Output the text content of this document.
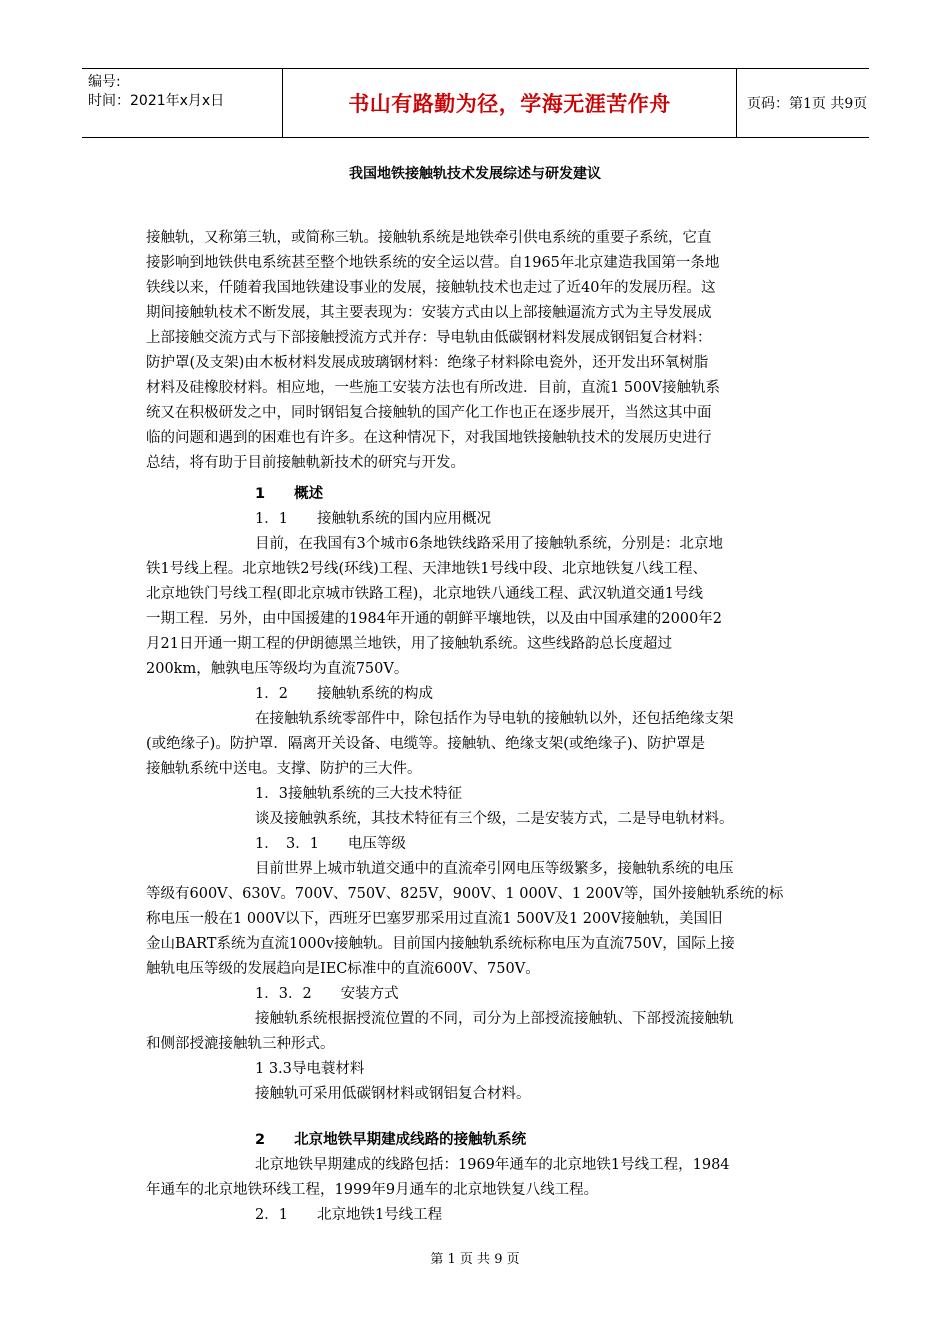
编号:
时间：2021年x月x日	书山有路勤为径，学海无涯苦作舟	页码：第1页 共9页
我国地铁接触轨技术发展综述与研发建议
接触轨，又称第三轨，或简称三轨。接触轨系统是地铁牵引供电系统的重要子系统，它直
接影响到地铁供电系统甚至整个地铁系统的安全运以营。自1965年北京建造我国第一条地
铁线以来，仟随着我国地铁建设事业的发展，接触轨技术也走过了近40年的发展历程。这
期间接触轨枝术不断发展，其主要表现为：安装方式由以上部接触逼流方式为主导发展成
上部接触交流方式与下部接触授流方式并存：导电轨由低碳钢材料发展成钢铝复合材料：
防护罩(及支架)由木板材料发展成玻璃钢材料：绝缘子材料除电瓷外，还开发出环氧树脂
材料及硅橡胶材料。相应地，一些施工安装方法也有所改进．目前，直流1 500V接触轨系
统又在积极研发之中，同时钢铝复合接触轨的国产化工作也正在逐步展开，当然这其中面
临的问题和遇到的困难也有许多。在这种情况下，对我国地铁接触轨技术的发展历史进行
总结，将有助于目前接触軌新技术的研究与开发。
1　　概述
1．1　　接触轨系统的国内应用概况
目前，在我国有3个城市6条地铁线路采用了接触轨系统，分别是：北京地
铁1号线上程。北京地铁2号线(环线)工程、天津地铁1号线中段、北京地铁复八线工程、
北京地铁门号线工程(即北京城市铁路工程)，北京地铁八通线工程、武汉轨道交通1号线
一期工程．另外，由中国援建的1984年开通的朝鲜平壤地铁，以及由中国承建的2000年2
月21日开通一期工程的伊朗德黑兰地铁，用了接触轨系统。这些线路韵总长度超过
200km，触孰电压等级均为直流750V。
1．2　　接触轨系统的构成
在接触轨系统零部件中，除包括作为导电轨的接触轨以外，还包括绝缘支架
(或绝缘子)。防护罩．隔离开关设备、电缆等。接触轨、绝缘支架(或绝缘子)、防护罩是
接触轨系统中送电。支撑、防护的三大件。
1．3接触轨系统的三大技术特征
谈及接触孰系统，其技术特征有三个级，二是安装方式，二是导电轨材料。
1．　3．1　　电压等级
目前世界上城市轨道交通中的直流牵引网电压等级繁多，接触轨系统的电压
等级有600V、630V。700V、750V、825V，900V、1 000V、1 200V等，国外接触轨系统的标
称电压一般在1 000V以下，西班牙巴塞罗那采用过直流1 500V及1 200V接触轨，美国旧
金山BART系统为直流1000v接触轨。目前国内接触轨系统标称电压为直流750V，国际上接
触轨电压等级的发展趋向是IEC标准中的直流600V、750V。
1．3．2　　安装方式
接触轨系统根据授流位置的不同，司分为上部授流接触轨、下部授流接触轨
和侧部授漉接触轨三种形式。
1 3.3导电蓑材料
接触轨可采用低碳钢材料或钢铝复合材料。
2　　北京地铁早期建成线路的接触轨系统
北京地铁早期建成的线路包括：1969年通车的北京地铁1号线工程，1984
年通车的北京地铁环线工程，1999年9月通车的北京地铁复八线工程。
2．1　　北京地铁1号线工程
第 1 页 共 9 页
